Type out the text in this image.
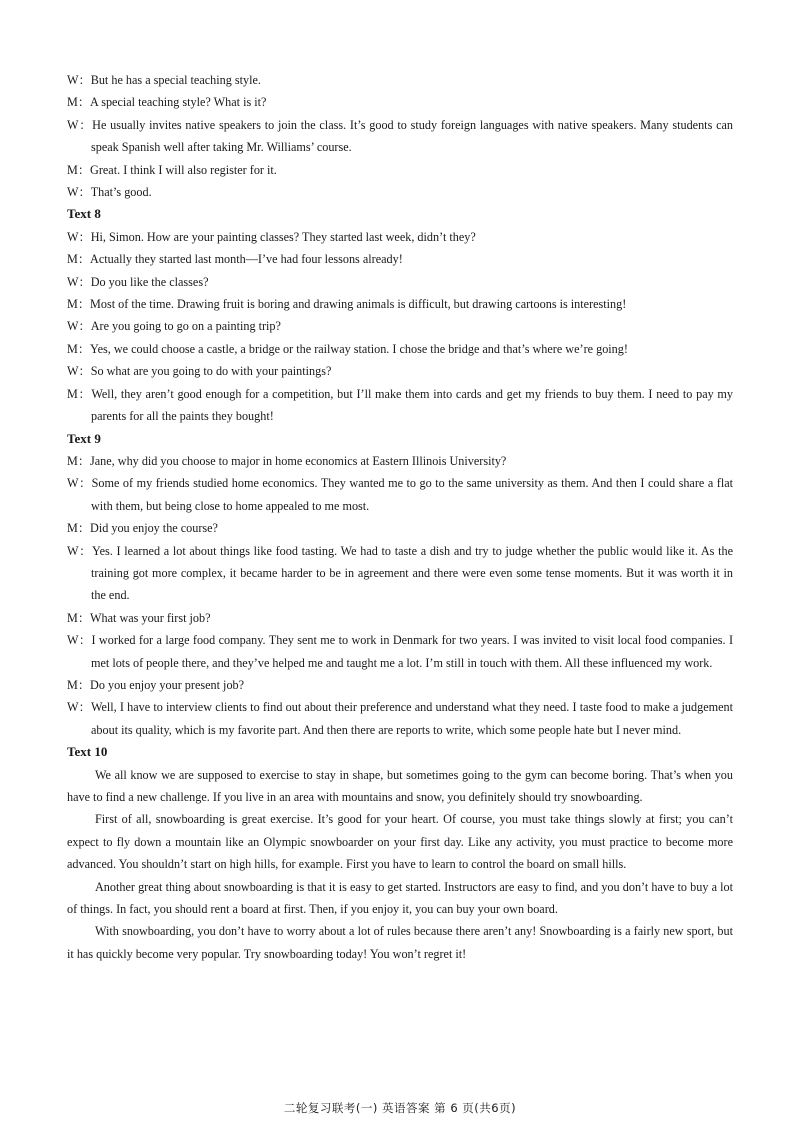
W：But he has a special teaching style.
M：A special teaching style? What is it?
W：He usually invites native speakers to join the class. It’s good to study foreign languages with native speakers. Many students can speak Spanish well after taking Mr. Williams’ course.
M：Great. I think I will also register for it.
W：That’s good.
Text 8
W：Hi, Simon. How are your painting classes? They started last week, didn’t they?
M：Actually they started last month—I’ve had four lessons already!
W：Do you like the classes?
M：Most of the time. Drawing fruit is boring and drawing animals is difficult, but drawing cartoons is interesting!
W：Are you going to go on a painting trip?
M：Yes, we could choose a castle, a bridge or the railway station. I chose the bridge and that’s where we’re going!
W：So what are you going to do with your paintings?
M：Well, they aren’t good enough for a competition, but I’ll make them into cards and get my friends to buy them. I need to pay my parents for all the paints they bought!
Text 9
M：Jane, why did you choose to major in home economics at Eastern Illinois University?
W：Some of my friends studied home economics. They wanted me to go to the same university as them. And then I could share a flat with them, but being close to home appealed to me most.
M：Did you enjoy the course?
W：Yes. I learned a lot about things like food tasting. We had to taste a dish and try to judge whether the public would like it. As the training got more complex, it became harder to be in agreement and there were even some tense moments. But it was worth it in the end.
M：What was your first job?
W：I worked for a large food company. They sent me to work in Denmark for two years. I was invited to visit local food companies. I met lots of people there, and they’ve helped me and taught me a lot. I’m still in touch with them. All these influenced my work.
M：Do you enjoy your present job?
W：Well, I have to interview clients to find out about their preference and understand what they need. I taste food to make a judgement about its quality, which is my favorite part. And then there are reports to write, which some people hate but I never mind.
Text 10
We all know we are supposed to exercise to stay in shape, but sometimes going to the gym can become boring. That’s when you have to find a new challenge. If you live in an area with mountains and snow, you definitely should try snowboarding.
First of all, snowboarding is great exercise. It’s good for your heart. Of course, you must take things slowly at first; you can’t expect to fly down a mountain like an Olympic snowboarder on your first day. Like any activity, you must practice to become more advanced. You shouldn’t start on high hills, for example. First you have to learn to control the board on small hills.
Another great thing about snowboarding is that it is easy to get started. Instructors are easy to find, and you don’t have to buy a lot of things. In fact, you should rent a board at first. Then, if you enjoy it, you can buy your own board.
With snowboarding, you don’t have to worry about a lot of rules because there aren’t any! Snowboarding is a fairly new sport, but it has quickly become very popular. Try snowboarding today! You won’t regret it!
二轮复习联考(一) 英语答案 第 6 页(共6页)
